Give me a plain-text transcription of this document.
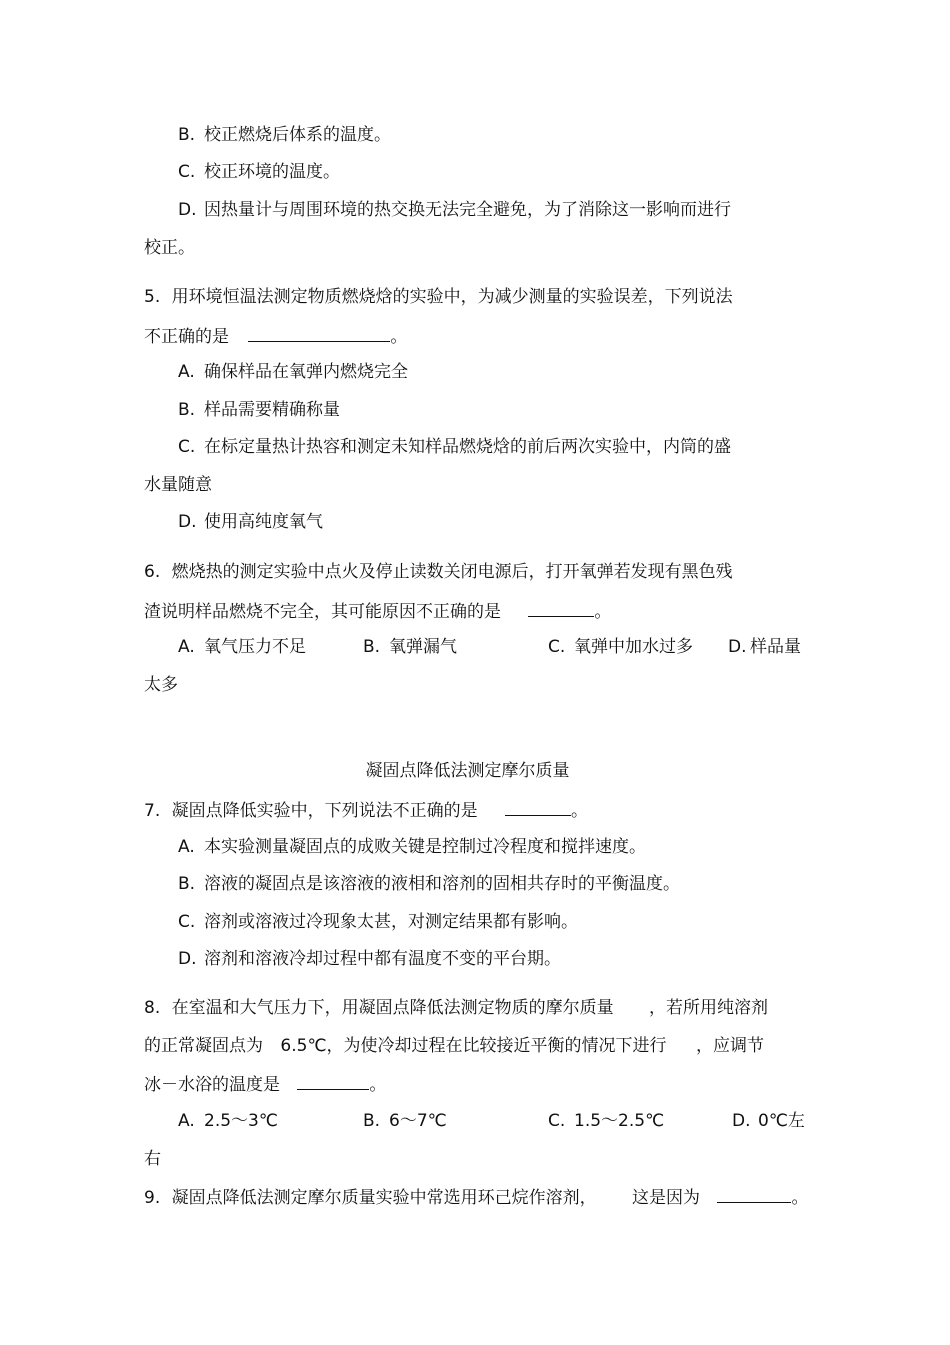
B. 校正燃烧后体系的温度。
C. 校正环境的温度。
D. 因热量计与周围环境的热交换无法完全避免，为了消除这一影响而进行
校正。
5. 用环境恒温法测定物质燃烧焓的实验中，为减少测量的实验误差，下列说法
不正确的是	。
A. 确保样品在氧弹内燃烧完全
B. 样品需要精确称量
C. 在标定量热计热容和测定未知样品燃烧焓的前后两次实验中，内筒的盛
水量随意
D. 使用高纯度氧气
6. 燃烧热的测定实验中点火及停止读数关闭电源后，打开氧弹若发现有黑色残
渣说明样品燃烧不完全，其可能原因不正确的是	。
A. 氧气压力不足	B. 氧弹漏气	C. 氧弹中加水过多 D. 样品量
太多
凝固点降低法测定摩尔质量
7. 凝固点降低实验中，下列说法不正确的是	。
A. 本实验测量凝固点的成败关键是控制过冷程度和搅拌速度。
B. 溶液的凝固点是该溶液的液相和溶剂的固相共存时的平衡温度。
C. 溶剂或溶液过冷现象太甚，对测定结果都有影响。
D. 溶剂和溶液冷却过程中都有温度不变的平台期。
8. 在室温和大气压力下，用凝固点降低法测定物质的摩尔质量 ，若所用纯溶剂
的正常凝固点为 6.5℃，为使冷却过程在比较接近平衡的情况下进行 ，应调节
冰－水浴的温度是	。
A. 2.5～3℃	B. 6～7℃	C. 1.5～2.5℃	D. 0℃左
右
9. 凝固点降低法测定摩尔质量实验中常选用环己烷作溶剂， 这是因为	。
